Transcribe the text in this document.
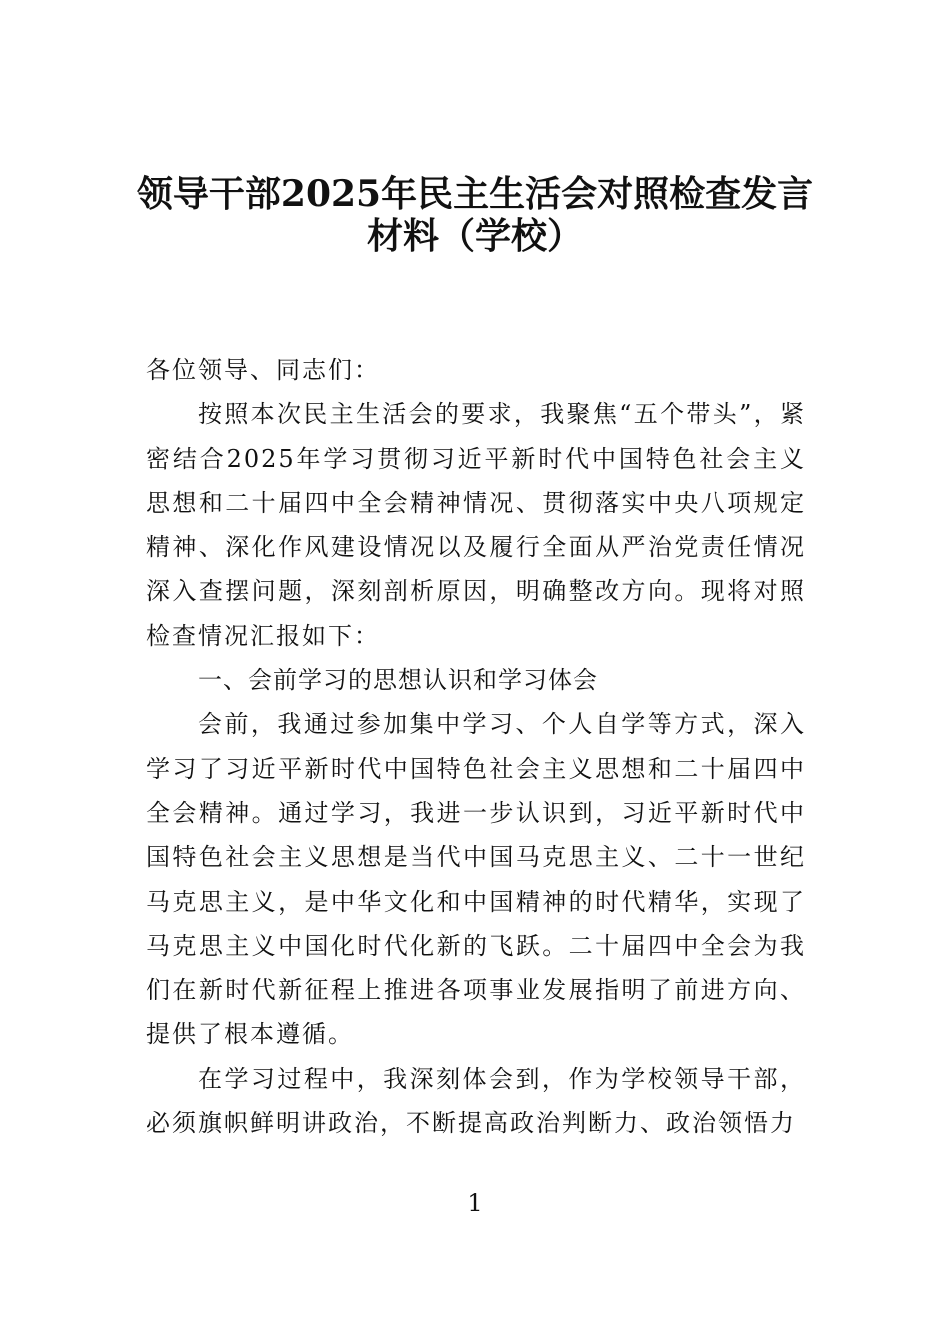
领导干部2025年民主生活会对照检查发言
材料（学校）

各位领导、同志们：

按照本次民主生活会的要求，我聚焦“五个带头”，紧密结合2025年学习贯彻习近平新时代中国特色社会主义思想和二十届四中全会精神情况、贯彻落实中央八项规定精神、深化作风建设情况以及履行全面从严治党责任情况深入查摆问题，深刻剖析原因，明确整改方向。现将对照检查情况汇报如下：

一、会前学习的思想认识和学习体会

会前，我通过参加集中学习、个人自学等方式，深入学习了习近平新时代中国特色社会主义思想和二十届四中全会精神。通过学习，我进一步认识到，习近平新时代中国特色社会主义思想是当代中国马克思主义、二十一世纪马克思主义，是中华文化和中国精神的时代精华，实现了马克思主义中国化时代化新的飞跃。二十届四中全会为我们在新时代新征程上推进各项事业发展指明了前进方向、提供了根本遵循。

在学习过程中，我深刻体会到，作为学校领导干部，必须旗帜鲜明讲政治，不断提高政治判断力、政治领悟力

1
